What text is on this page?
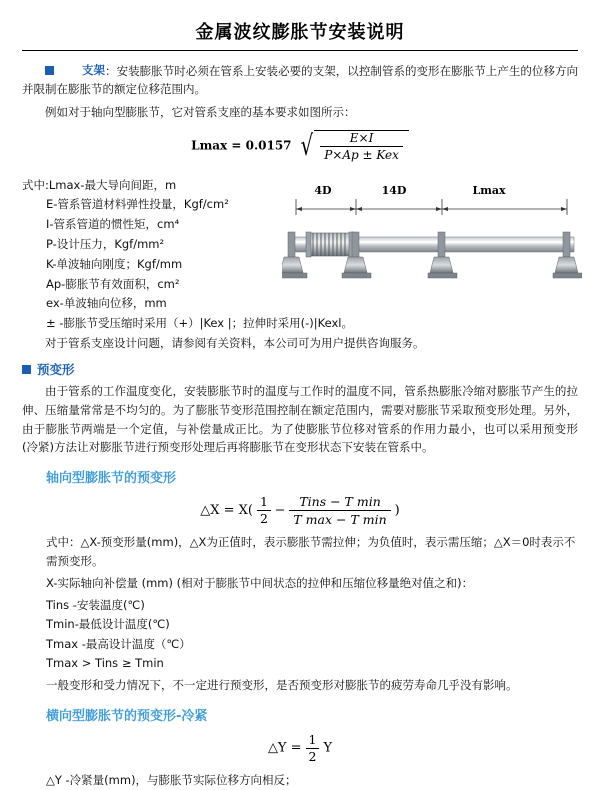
金属波纹膨胀节安装说明

支架 ：安装膨胀节时必须在管系上安装必要的支架，以控制管系的变形在膨胀节上产生的位移方向并限制在膨胀节的额定位移范围内。

例如对于轴向型膨胀节，它对管系支座的基本要求如图所示：

Lmax = 0.0157 √ $\frac{E\times I}{\text{P×Ap ± Kex}}$
式中:Lmax-最大导向间距，m
E-管系管道材料弹性投量，Kgf/cm²
I-管系管道的惯性矩，cm⁴
P-设计压力，Kgf/mm²
K-单波轴向刚度；Kgf/mm
Ap-膨胀节有效面积，cm²
ex-单波轴向位移，mm
± -膨胀节受压缩时采用（+）|Kex |；拉伸时采用(-)|Kexl。
4D	14D	Lmax

对于管系支座设计问题，请参阅有关资料，本公司可为用户提供咨询服务。

预变形

由于管系的工作温度变化，安装膨胀节时的温度与工作时的温度不同，管系热膨胀冷缩对膨胀节产生的拉伸、压缩量常常是不均匀的。为了膨胀节变形范围控制在额定范围内，需要对膨胀节采取预变形处理。另外，由于膨胀节两端是一个定值，与补偿量成正比。为了使膨胀节位移对管系的作用力最小，也可以采用预变形(冷紧)方法让对膨胀节进行预变形处理后再将膨胀节在变形状态下安装在管系中。

轴向型膨胀节的预变形
△X = $X( \frac{1}{2} - \frac{\text{Tins − T min}}{\text{T max − T min}}$ )
式中：△X-预变形量(mm)，△X为正值时，表示膨胀节需拉伸；为负值时，表示需压缩；△X＝0时表示不需预变形。
X-实际轴向补偿量 (mm) (相对于膨胀节中间状态的拉伸和压缩位移量绝对值之和)：
Tins -安装温度(℃)
Tmin-最低设计温度(℃)
Tmax -最高设计温度（℃）
Tmax > Tins ≥ Tmin
一般变形和受力情况下，不一定进行预变形，是否预变形对膨胀节的疲劳寿命几乎没有影响。
横向型膨胀节的预变形-冷紧
△Y = $\frac{1}{2}$ Y
△Y -冷紧量(mm)，与膨胀节实际位移方向相反；
